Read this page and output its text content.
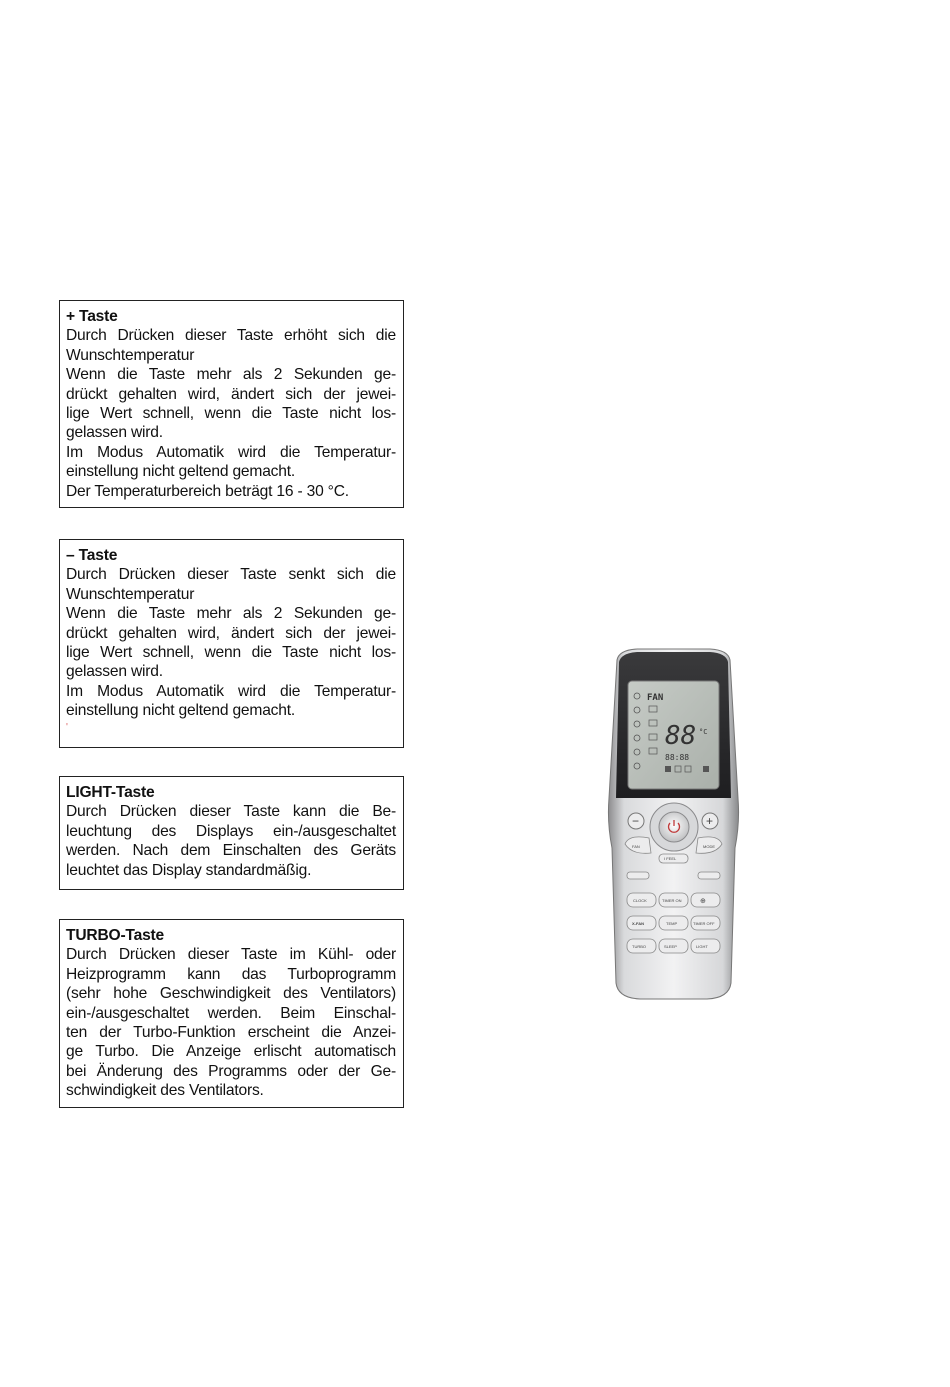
+ Taste
Durch Drücken dieser Taste erhöht sich die
Wunschtemperatur
Wenn die Taste mehr als 2 Sekunden ge-
drückt gehalten wird, ändert sich der jewei-
lige Wert schnell, wenn die Taste nicht los-
gelassen wird.
Im Modus Automatik wird die Temperatur-
einstellung nicht geltend gemacht.
Der Temperaturbereich beträgt 16 - 30 °C.
– Taste
Durch Drücken dieser Taste senkt sich die
Wunschtemperatur
Wenn die Taste mehr als 2 Sekunden ge-
drückt gehalten wird, ändert sich der jewei-
lige Wert schnell, wenn die Taste nicht los-
gelassen wird.
Im Modus Automatik wird die Temperatur-
einstellung nicht geltend gemacht.
'
LIGHT-Taste
Durch Drücken dieser Taste kann die Be-
leuchtung des Displays ein-/ausgeschaltet
werden. Nach dem Einschalten des Geräts
leuchtet das Display standardmäßig.
TURBO-Taste
Durch Drücken dieser Taste im Kühl- oder
Heizprogramm kann das Turboprogramm
(sehr hohe Geschwindigkeit des Ventilators)
ein-/ausgeschaltet werden. Beim Einschal-
ten der Turbo-Funktion erscheint die Anzei-
ge Turbo. Die Anzeige erlischt automatisch
bei Änderung des Programms oder der Ge-
schwindigkeit des Ventilators.
FAN
88 °C
88:88
−	+
FAN	MODE
I FEEL
CLOCK	TIMER ON	⊕
X-FAN	TEMP	TIMER OFF
TURBO	SLEEP	LIGHT
